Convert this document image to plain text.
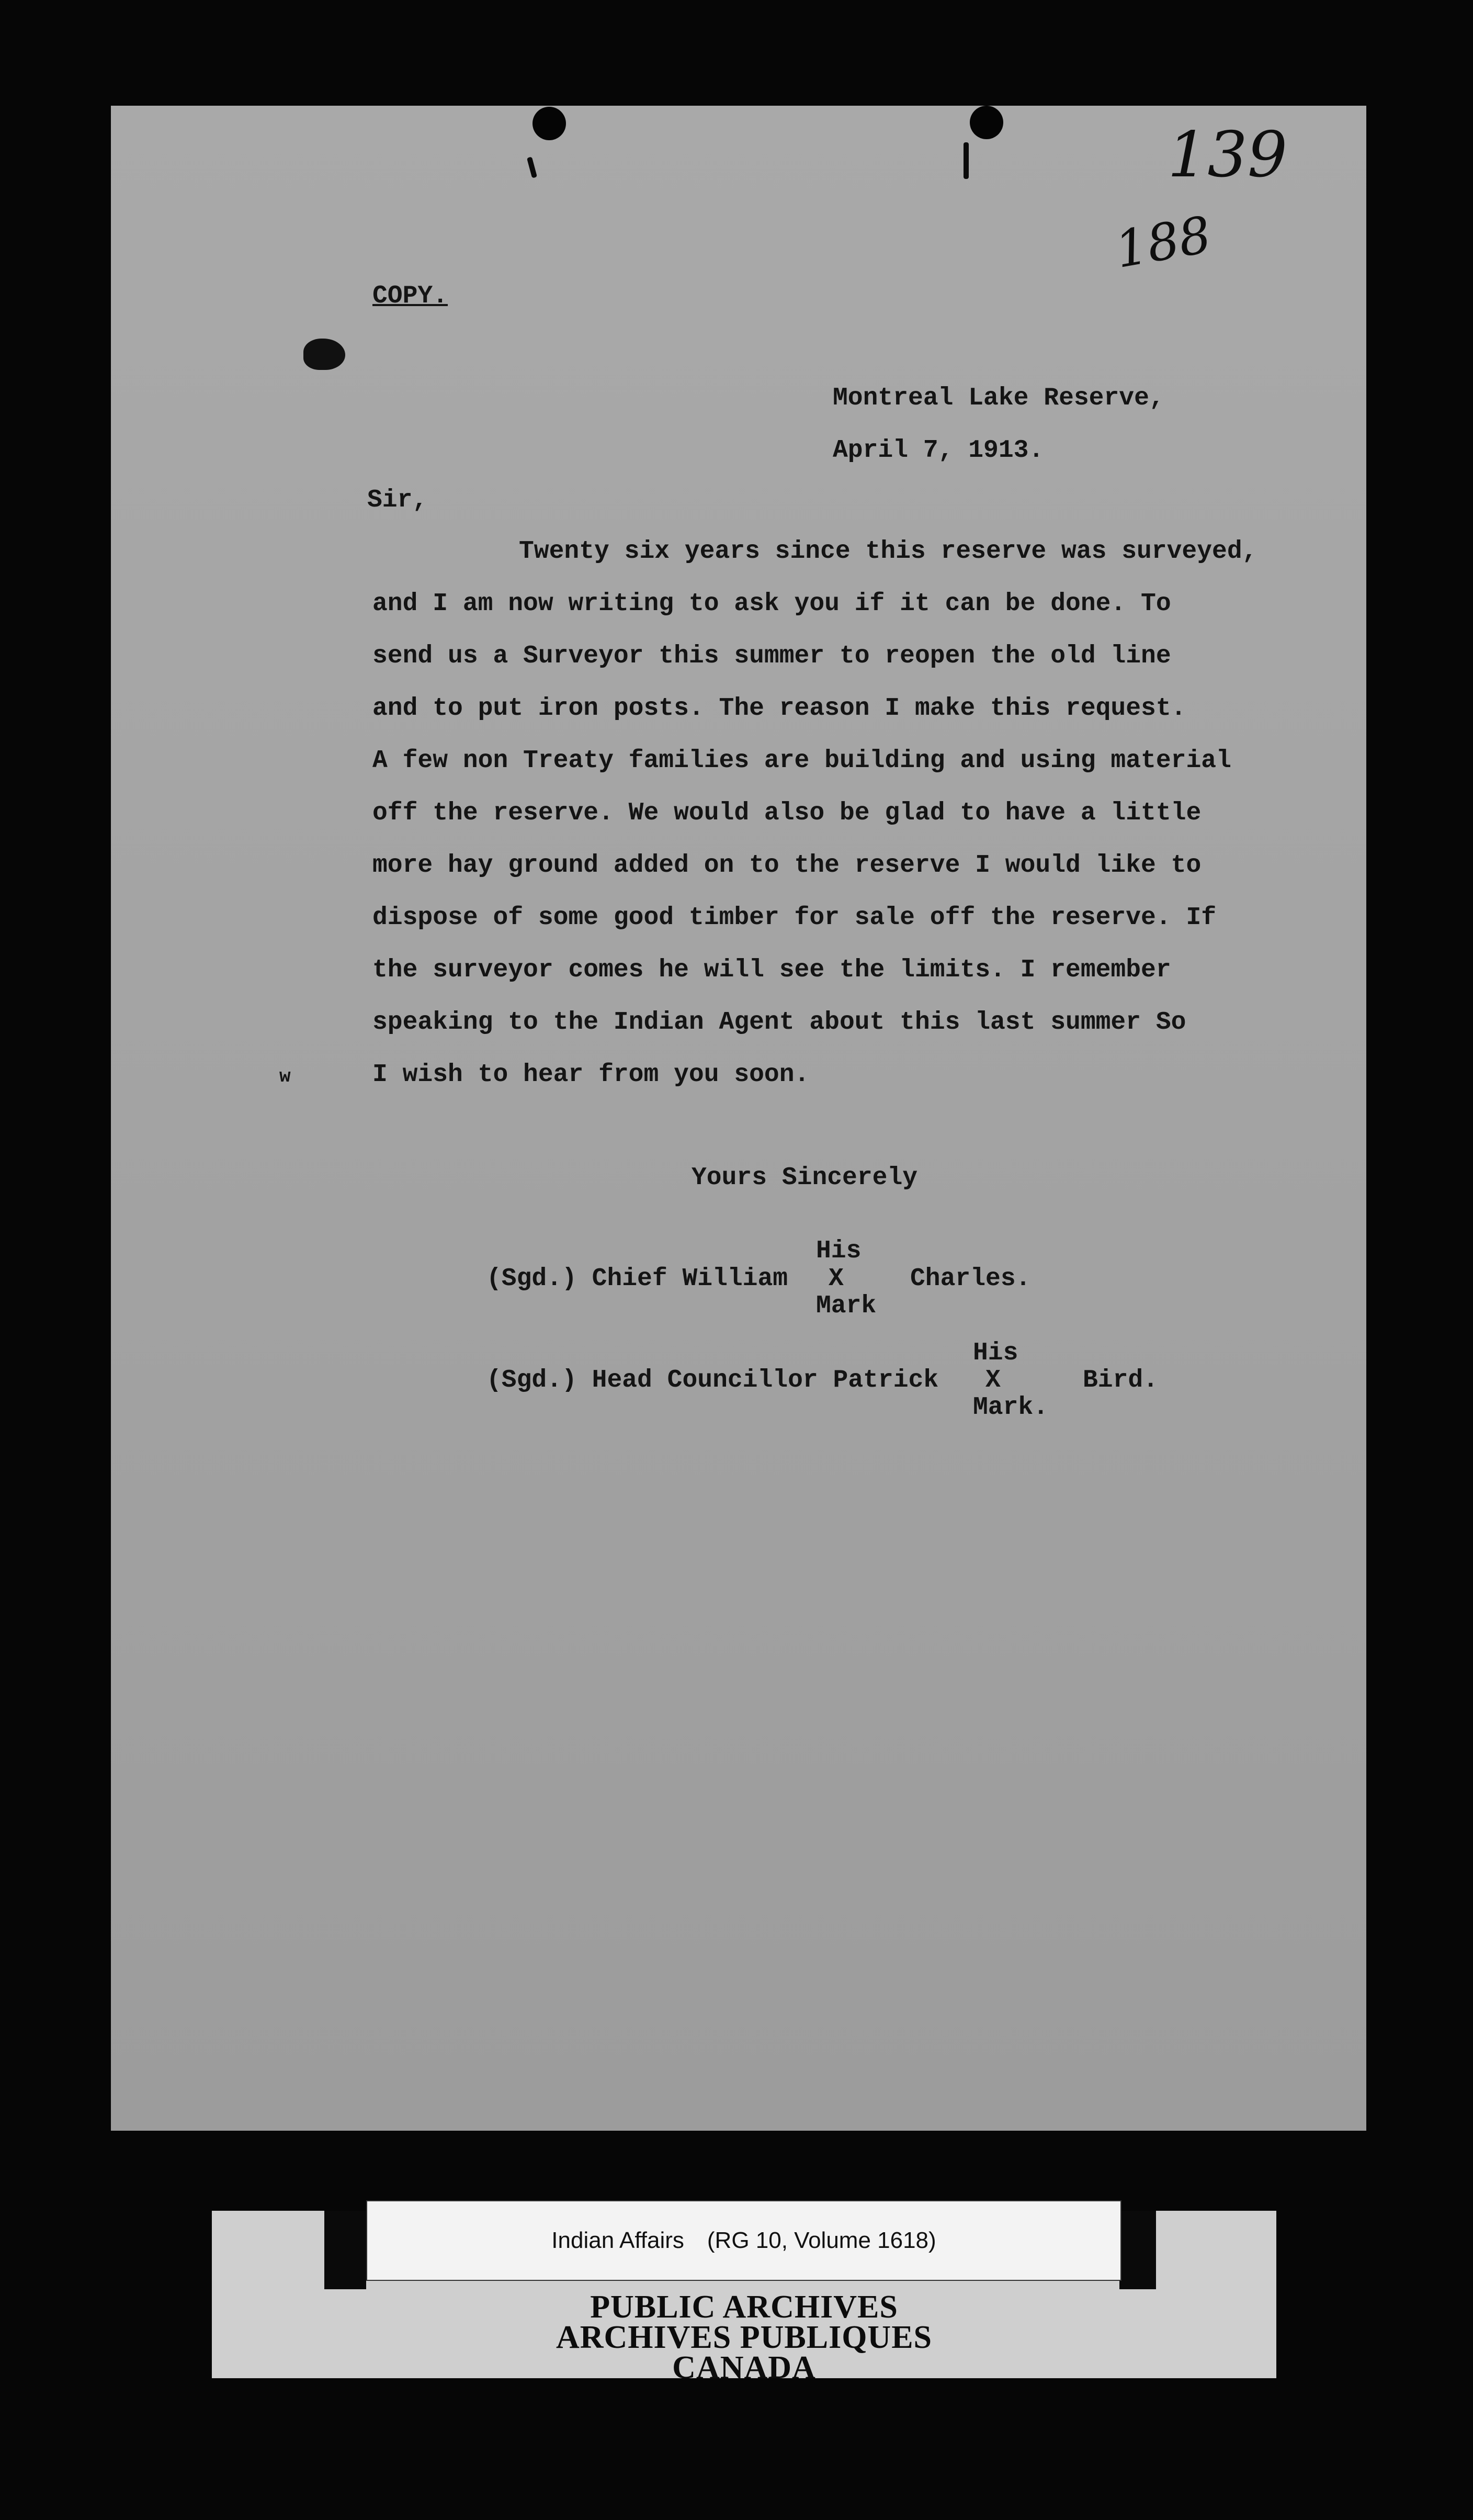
139
188
COPY.
Montreal Lake Reserve,
April 7, 1913.
Sir,
Twenty six years since this reserve was surveyed,
and I am now writing to ask you if it can be done. To
send us a Surveyor this summer to reopen the old line
and to put iron posts. The reason I make this request.
A few non Treaty families are building and using material
off the reserve. We would also be glad to have a little
more hay ground added on to the reserve I would like to
dispose of some good timber for sale off the reserve. If
the surveyor comes he will see the limits. I remember
speaking to the Indian Agent about this last summer So
I wish to hear from you soon.
w
Yours Sincerely
His
(Sgd.) Chief William X	Charles.
Mark
His
(Sgd.) Head Councillor Patrick X	Bird.
Mark.
Indian Affairs (RG 10, Volume 1618)
PUBLIC ARCHIVES
ARCHIVES PUBLIQUES
CANADA
